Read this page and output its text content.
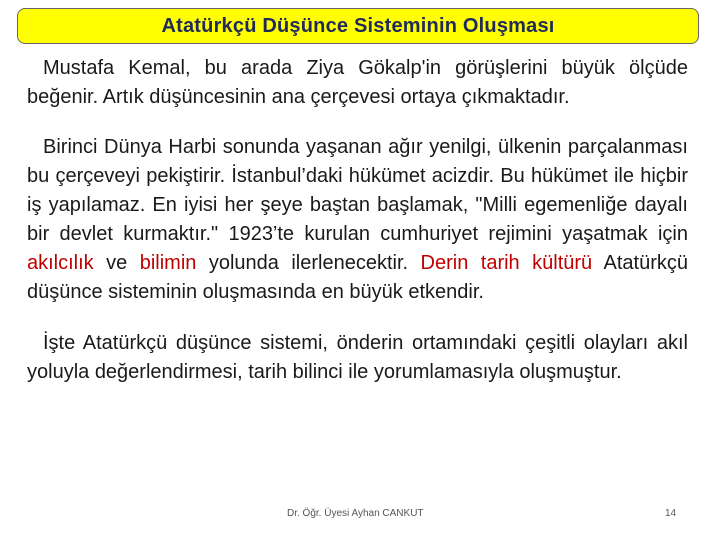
Atatürkçü Düşünce Sisteminin Oluşması

Mustafa Kemal, bu arada Ziya Gökalp'in görüşlerini büyük ölçüde beğenir. Artık düşüncesinin ana çerçevesi ortaya çıkmaktadır.

Birinci Dünya Harbi sonunda yaşanan ağır yenilgi, ülkenin parçalanması bu çerçeveyi pekiştirir. İstanbul’daki hükümet acizdir. Bu hükümet ile hiçbir iş yapılamaz. En iyisi her şeye baştan başlamak, "Milli egemenliğe dayalı bir devlet kurmaktır." 1923’te kurulan cumhuriyet rejimini yaşatmak için akılcılık ve bilimin yolunda ilerlenecektir. Derin tarih kültürü Atatürkçü düşünce sisteminin oluşmasında en büyük etkendir.

İşte Atatürkçü düşünce sistemi, önderin ortamındaki çeşitli olayları akıl yoluyla değerlendirmesi, tarih bilinci ile yorumlamasıyla oluşmuştur.

Dr. Öğr. Üyesi Ayhan CANKUT	14
